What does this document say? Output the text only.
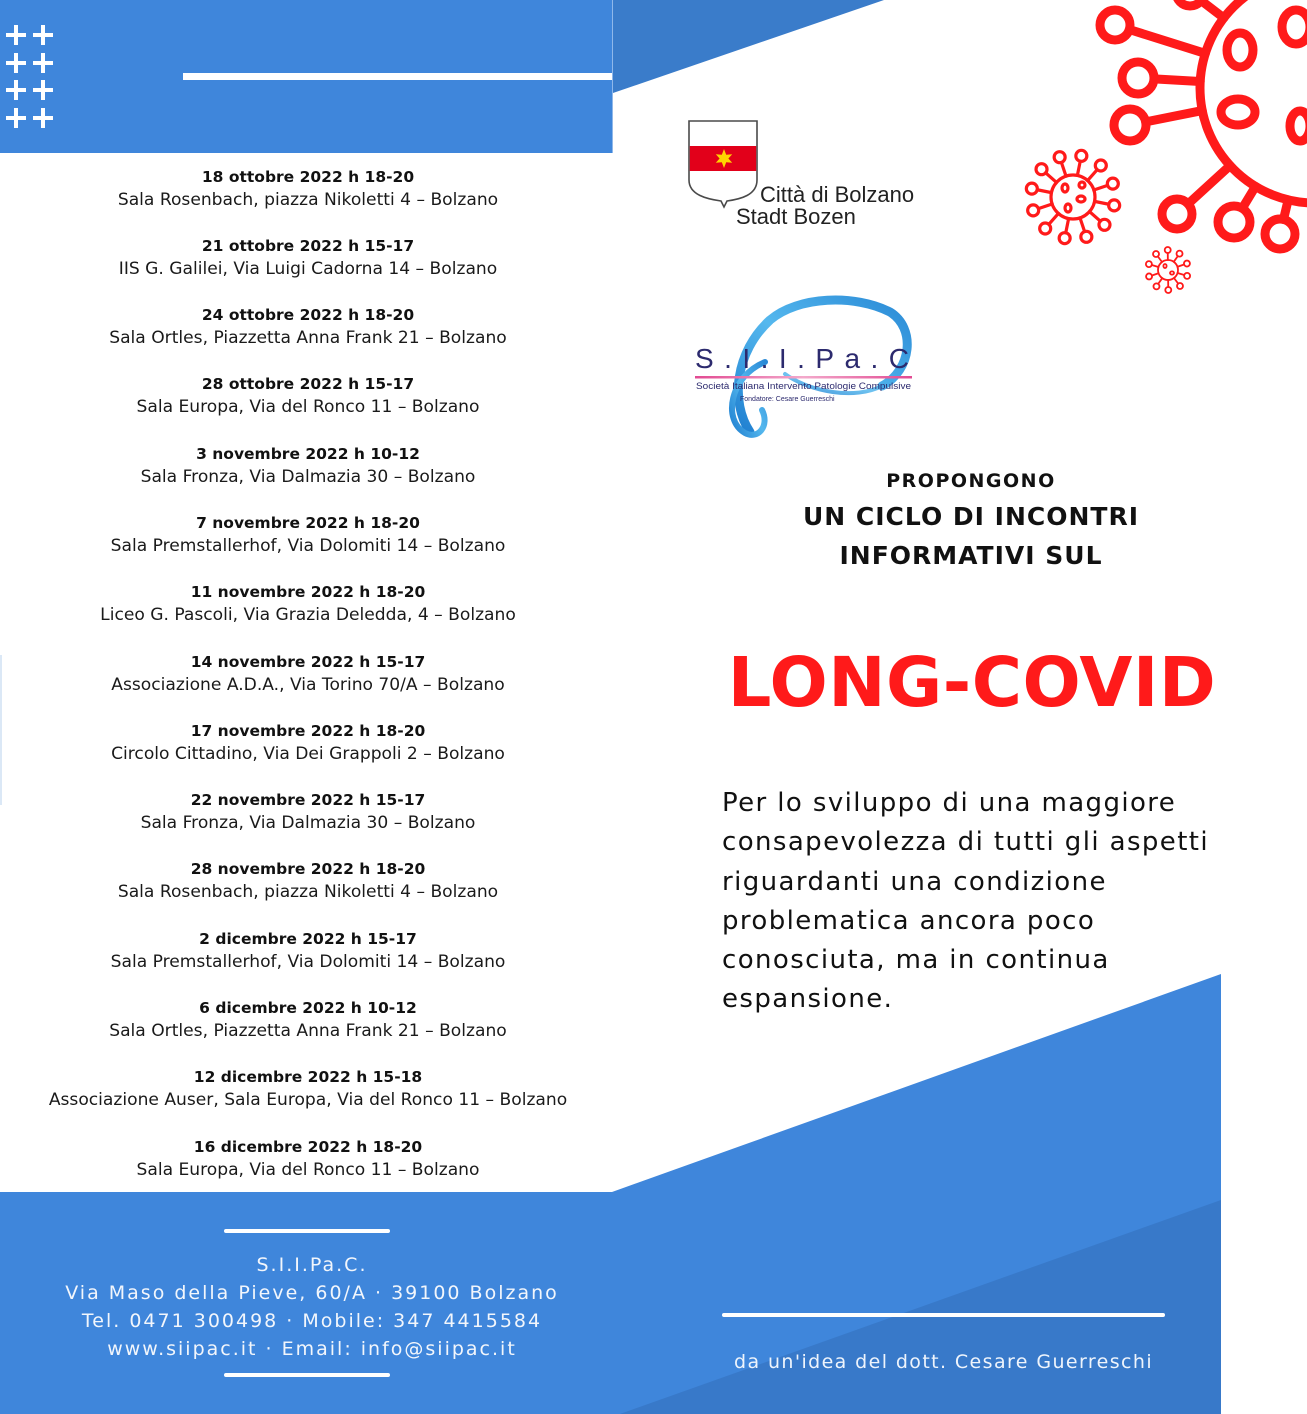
18 ottobre 2022 h 18-20
Sala Rosenbach, piazza Nikoletti 4 – Bolzano
21 ottobre 2022 h 15-17
IIS G. Galilei, Via Luigi Cadorna 14 – Bolzano
24 ottobre 2022 h 18-20
Sala Ortles, Piazzetta Anna Frank 21 – Bolzano
28 ottobre 2022 h 15-17
Sala Europa, Via del Ronco 11 – Bolzano
3 novembre 2022 h 10-12
Sala Fronza, Via Dalmazia 30 – Bolzano
7 novembre 2022 h 18-20
Sala Premstallerhof, Via Dolomiti 14 – Bolzano
11 novembre 2022 h 18-20
Liceo G. Pascoli, Via Grazia Deledda, 4 – Bolzano
14 novembre 2022 h 15-17
Associazione A.D.A., Via Torino 70/A – Bolzano
17 novembre 2022 h 18-20
Circolo Cittadino, Via Dei Grappoli 2 – Bolzano
22 novembre 2022 h 15-17
Sala Fronza, Via Dalmazia 30 – Bolzano
28 novembre 2022 h 18-20
Sala Rosenbach, piazza Nikoletti 4 – Bolzano
2 dicembre 2022 h 15-17
Sala Premstallerhof, Via Dolomiti 14 – Bolzano
6 dicembre 2022 h 10-12
Sala Ortles, Piazzetta Anna Frank 21 – Bolzano
12 dicembre 2022 h 15-18
Associazione Auser, Sala Europa, Via del Ronco 11 – Bolzano
16 dicembre 2022 h 18-20
Sala Europa, Via del Ronco 11 – Bolzano
Città di Bolzano
Stadt Bozen
S.I.I.Pa.C
Società Italiana Intervento Patologie Compulsive
Fondatore: Cesare Guerreschi
PROPONGONO
UN CICLO DI INCONTRI
INFORMATIVI SUL
LONG-COVID
Per lo sviluppo di una maggiore
consapevolezza di tutti gli aspetti
riguardanti una condizione
problematica ancora poco
conosciuta, ma in continua
espansione.
S.I.I.Pa.C.
Via Maso della Pieve, 60/A · 39100 Bolzano
Tel. 0471 300498 · Mobile: 347 4415584
www.siipac.it · Email: info@siipac.it
da un'idea del dott. Cesare Guerreschi
